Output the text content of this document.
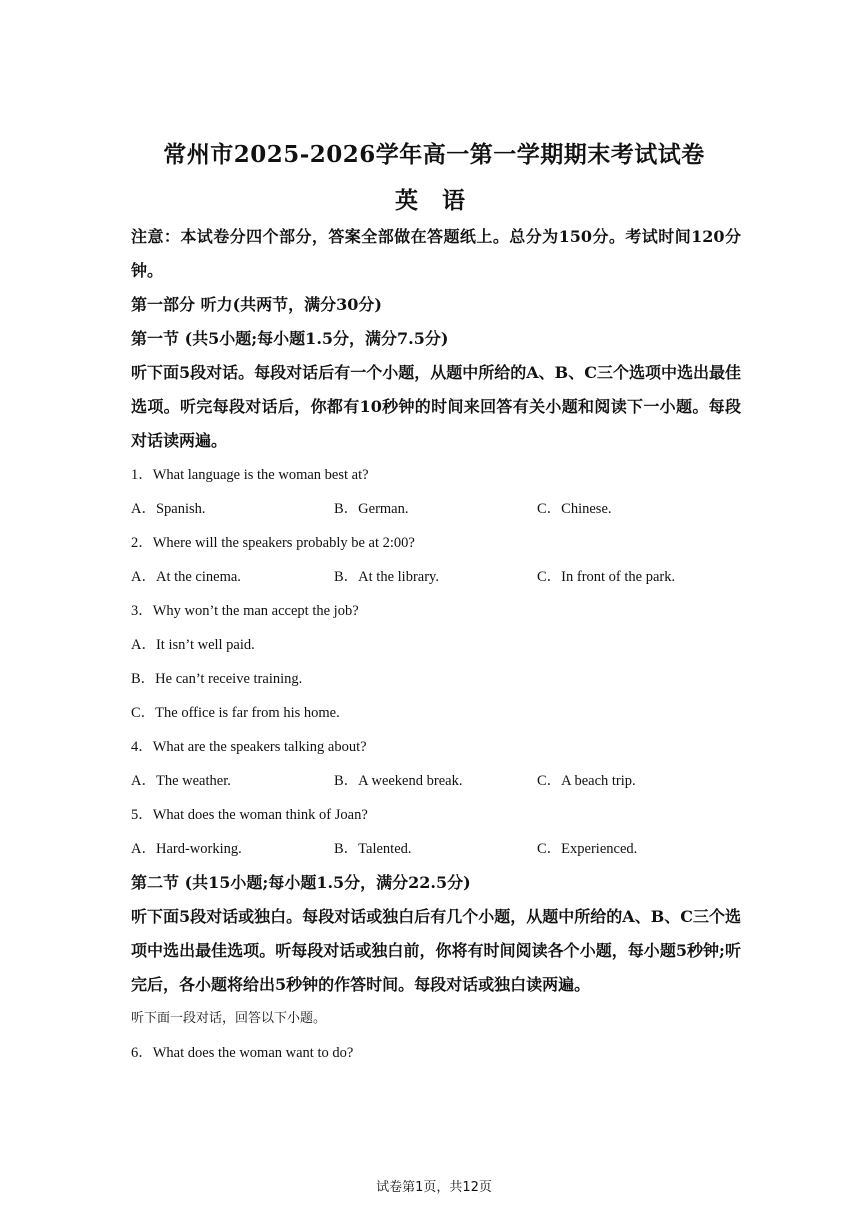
常州市2025-2026学年高一第一学期期末考试试卷
英 语
注意：本试卷分四个部分，答案全部做在答题纸上。总分为150分。考试时间120分钟。
第一部分 听力(共两节，满分30分)
第一节 (共5小题;每小题1.5分，满分7.5分)
听下面5段对话。每段对话后有一个小题，从题中所给的A、B、C三个选项中选出最佳选项。听完每段对话后，你都有10秒钟的时间来回答有关小题和阅读下一小题。每段对话读两遍。
1．What language is the woman best at?
A．Spanish.	B．German.	C．Chinese.
2．Where will the speakers probably be at 2:00?
A．At the cinema.	B．At the library.	C．In front of the park.
3．Why won’t the man accept the job?
A．It isn’t well paid.
B．He can’t receive training.
C．The office is far from his home.
4．What are the speakers talking about?
A．The weather.	B．A weekend break.	C．A beach trip.
5．What does the woman think of Joan?
A．Hard-working.	B．Talented.	C．Experienced.
第二节 (共15小题;每小题1.5分，满分22.5分)
听下面5段对话或独白。每段对话或独白后有几个小题，从题中所给的A、B、C三个选项中选出最佳选项。听每段对话或独白前，你将有时间阅读各个小题，每小题5秒钟;听完后，各小题将给出5秒钟的作答时间。每段对话或独白读两遍。
听下面一段对话，回答以下小题。
6．What does the woman want to do?
试卷第1页，共12页
